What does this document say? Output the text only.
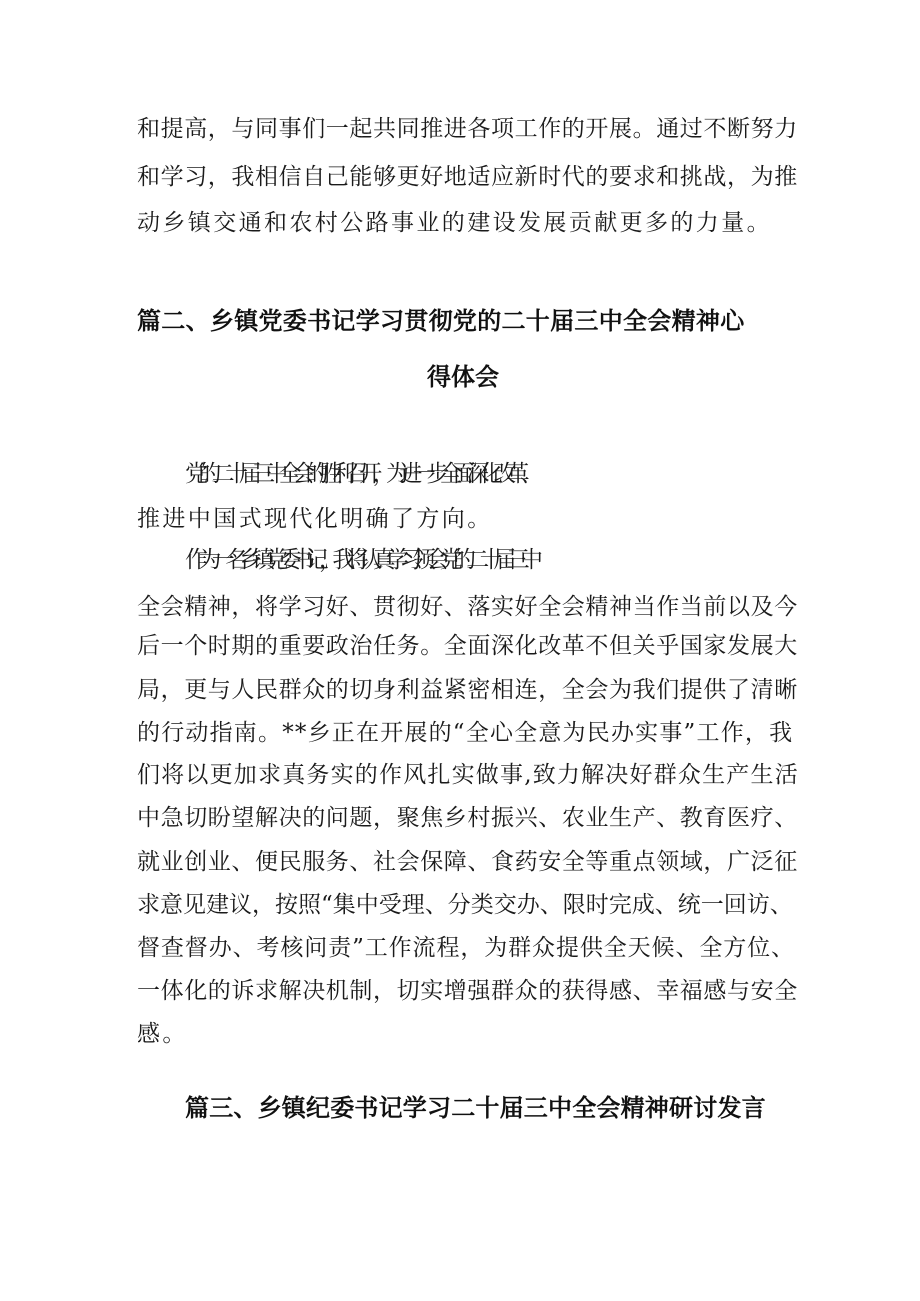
和提高，与同事们一起共同推进各项工作的开展。通过不断努力
和学习，我相信自己能够更好地适应新时代的要求和挑战，为推
动乡镇交通和农村公路事业的建设发展贡献更多的力量。
篇二、乡镇党委书记学习贯彻党的二十届三中全会精神心
得体会
党的二十届三中全会的胜利召开，为进一步全面深化改革、
推进中国式现代化明确了方向。
作为一名乡镇党委书记，我将认真学习领会党的二十届三中
全会精神，将学习好、贯彻好、落实好全会精神当作当前以及今
后一个时期的重要政治任务。全面深化改革不但关乎国家发展大
局，更与人民群众的切身利益紧密相连，全会为我们提供了清晰
的行动指南。**乡正在开展的“全心全意为民办实事”工作，我
们将以更加求真务实的作风扎实做事,致力解决好群众生产生活
中急切盼望解决的问题，聚焦乡村振兴、农业生产、教育医疗、
就业创业、便民服务、社会保障、食药安全等重点领域，广泛征
求意见建议，按照“集中受理、分类交办、限时完成、统一回访、
督查督办、考核问责”工作流程，为群众提供全天候、全方位、
一体化的诉求解决机制，切实增强群众的获得感、幸福感与安全
感。
篇三、乡镇纪委书记学习二十届三中全会精神研讨发言
